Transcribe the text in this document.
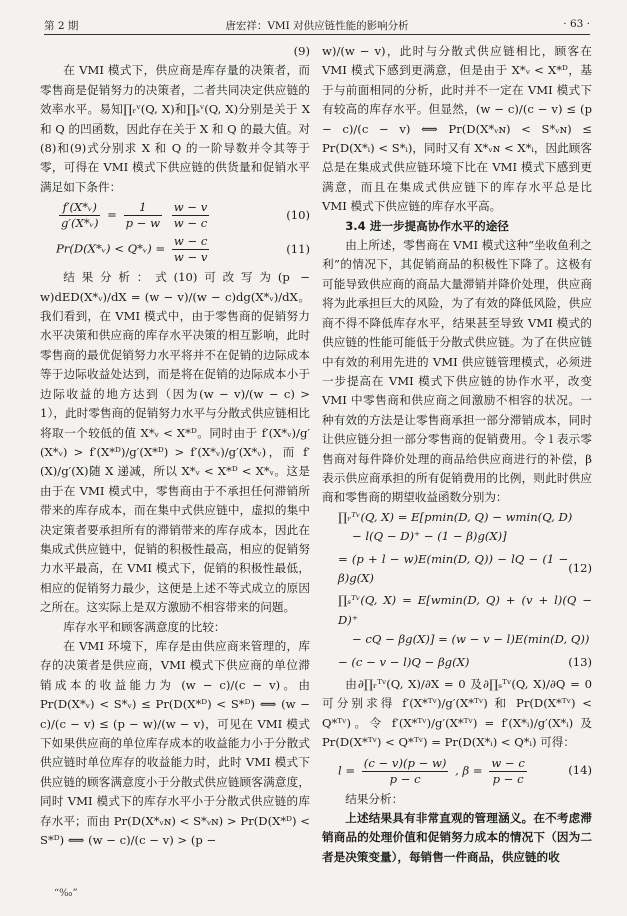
第 2 期	唐宏祥：VMI 对供应链性能的影响分析	· 63 ·

(9)

在 VMI 模式下，供应商是库存量的决策者，而零售商是促销努力的决策者，二者共同决定供应链的效率水平。易知∏ᵣᵛ(Q, X)和∏ₛᵛ(Q, X)分别是关于 X 和 Q 的凹函数，因此存在关于 X 和 Q 的最大值。对(8)和(9)式分别求 X 和 Q 的一阶导数并令其等于零，可得在 VMI 模式下供应链的供货量和促销水平满足如下条件：

$\frac{\text{f′(X*ᵥ)}}{\text{g′(X*ᵥ)}} = \frac{1}{p - w}$
$\frac{w - v}{w - c}$	(10)
Pr(D(X*ᵥ) < Q*ᵥ) = $\frac{w - c}{w - v}$	(11)

结果分析：式(10)可改写为(p − w)dED(X*ᵥ)/dX = (w − v)/(w − c)dg(X*ᵥ)/dX。我们看到，在 VMI 模式中，由于零售商的促销努力水平决策和供应商的库存水平决策的相互影响，此时零售商的最优促销努力水平将并不在促销的边际成本等于边际收益处达到，而是将在促销的边际成本小于边际收益的地方达到（因为(w − v)/(w − c) > 1），此时零售商的促销努力水平与分散式供应链相比将取一个较低的值 X*ᵥ < X*ᴰ。同时由于 f′(X*ᵥ)/g′(X*ᵥ) > f′(X*ᴰ)/g′(X*ᴰ) > f′(X*ᵥ)/g′(X*ᵥ)，而 f′(X)/g′(X)随 X 递减，所以 X*ᵥ < X*ᴰ < X*ᵥ。这是由于在 VMI 模式中，零售商由于不承担任何滞销所带来的库存成本，而在集中式供应链中，虚拟的集中决定策者要承担所有的滞销带来的库存成本，因此在集成式供应链中，促销的积极性最高，相应的促销努力水平最高，在 VMI 模式下，促销的积极性最低，相应的促销努力最少，这便是上述不等式成立的原因之所在。这实际上是双方激励不相容带来的问题。

库存水平和顾客满意度的比较：

在 VMI 环境下，库存是由供应商来管理的，库存的决策者是供应商，VMI 模式下供应商的单位滞销成本的收益能力为 (w − c)/(c − v)。由 Pr(D(X*ᵥ) < S*ᵥ) ≤ Pr(D(X*ᴰ) < S*ᴰ) ⟺ (w − c)/(c − v) ≤ (p − w)/(w − v)，可见在 VMI 模式下如果供应商的单位库存成本的收益能力小于分散式供应链时单位库存的收益能力时，此时 VMI 模式下供应链的顾客满意度小于分散式供应链顾客满意度，同时 VMI 模式下的库存水平小于分散式供应链的库存水平；而由 Pr(D(X*ᵥɴ) < S*ᵥɴ) > Pr(D(X*ᴰ) < S*ᴰ) ⟺ (w − c)/(c − v) > (p −

w)/(w − v)，此时与分散式供应链相比，顾客在 VMI 模式下感到更满意，但是由于 X*ᵥ < X*ᴰ，基于与前面相同的分析，此时并不一定在 VMI 模式下有较高的库存水平。但显然，(w − c)/(c − v) ≤ (p − c)/(c − v) ⟺ Pr(D(X*ᵥɴ) < S*ᵥɴ) ≤ Pr(D(X*ᵢ) < S*ᵢ)，同时又有 X*ᵥɴ < X*ᵢ，因此顾客总是在集成式供应链环境下比在 VMI 模式下感到更满意，而且在集成式供应链下的库存水平总是比 VMI 模式下供应链的库存水平高。

3.4 进一步提高协作水平的途径

由上所述，零售商在 VMI 模式这种“坐收鱼利之利”的情况下，其促销商品的积极性下降了。这极有可能导致供应商的商品大量滞销并降价处理，供应商将为此承担巨大的风险，为了有效的降低风险，供应商不得不降低库存水平，结果甚至导致 VMI 模式的供应链的性能可能低于分散式供应链。为了在供应链中有效的利用先进的 VMI 供应链管理模式，必须进一步提高在 VMI 模式下供应链的协作水平，改变 VMI 中零售商和供应商之间激励不相容的状况。一种有效的方法是让零售商承担一部分滞销成本，同时让供应链分担一部分零售商的促销费用。令 l 表示零售商对每件降价处理的商品给供应商进行的补偿，β 表示供应商承担的所有促销费用的比例，则此时供应商和零售商的期望收益函数分别为：

∏ᵣᵀᵛ(Q, X) = E[pmin(D, Q) − wmin(Q, D)

− l(Q − D)⁺ − (1 − β)g(X)]

= (p + l − w)E(min(D, Q)) − lQ − (1 − β)g(X)
(12)

∏ₛᵀᵛ(Q, X) = E[wmin(D, Q) + (v + l)(Q − D)⁺

− cQ − βg(X)] = (w − v − l)E(min(D, Q))

− (c − v − l)Q − βg(X)	(13)

由∂∏ᵣᵀᵛ(Q, X)/∂X = 0 及∂∏ₛᵀᵛ(Q, X)/∂Q = 0 可分别求得 f′(X*ᵀᵛ)/g′(X*ᵀᵛ) 和 Pr(D(X*ᵀᵛ) < Q*ᵀᵛ)。令 f′(X*ᵀᵛ)/g′(X*ᵀᵛ) = f′(X*ᵢ)/g′(X*ᵢ) 及 Pr(D(X*ᵀᵛ) < Q*ᵀᵛ) = Pr(D(X*ᵢ) < Q*ᵢ) 可得：

$l = \frac{(c - v)(p - w)}{p - c}$ , $\beta = \frac{w - c}{p - c}$	(14)

结果分析：

上述结果具有非常直观的管理涵义。在不考虑滞销商品的处理价值和促销努力成本的情况下（因为二者是决策变量），每销售一件商品，供应链的收

“‰”
